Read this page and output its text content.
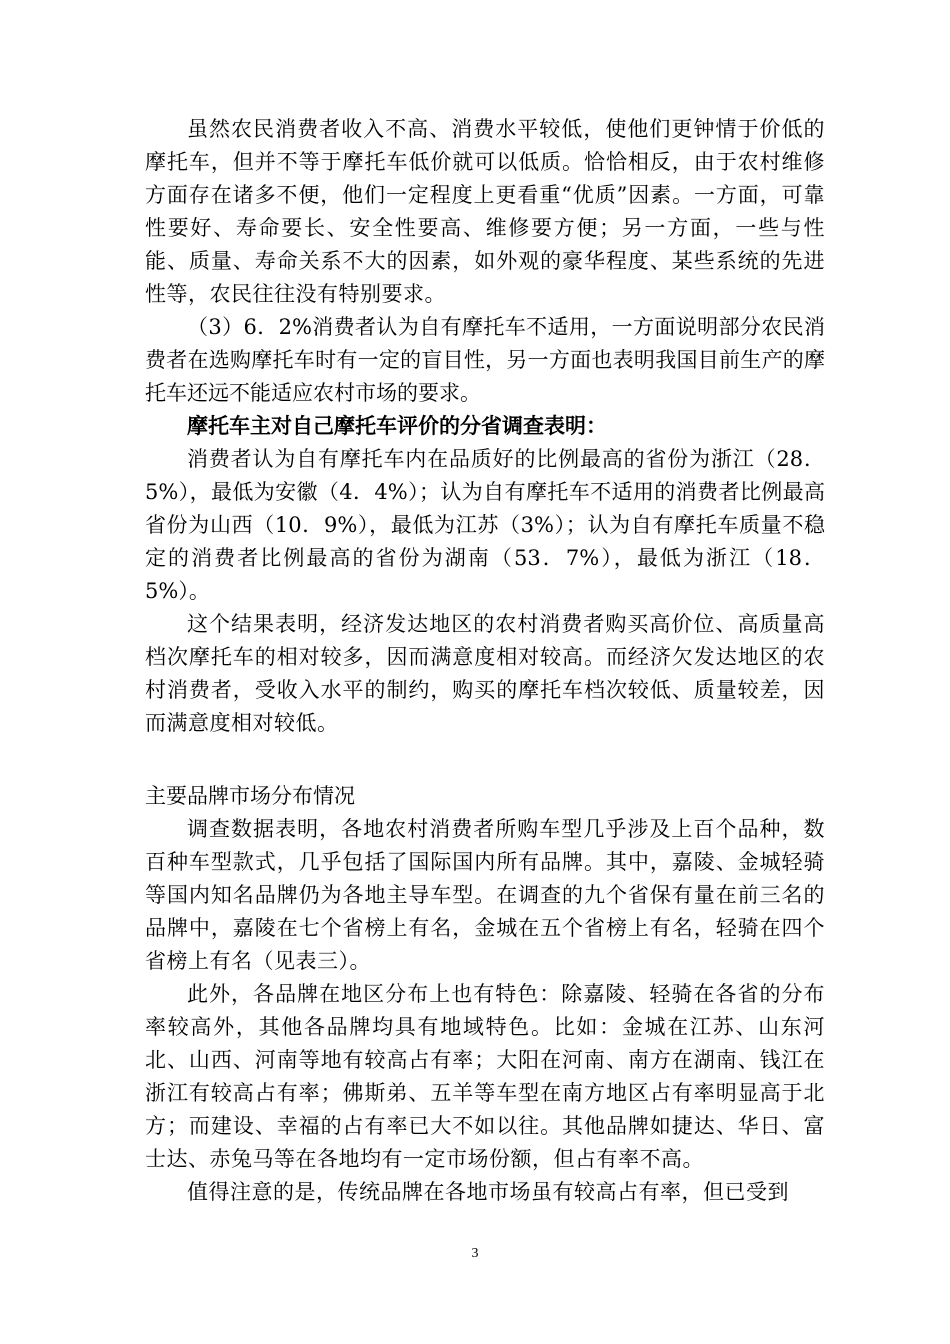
虽然农民消费者收入不高、消费水平较低，使他们更钟情于价低的摩托车，但并不等于摩托车低价就可以低质。恰恰相反，由于农村维修方面存在诸多不便，他们一定程度上更看重“优质”因素。一方面，可靠性要好、寿命要长、安全性要高、维修要方便；另一方面，一些与性能、质量、寿命关系不大的因素，如外观的豪华程度、某些系统的先进性等，农民往往没有特别要求。

（3）6．2%消费者认为自有摩托车不适用，一方面说明部分农民消费者在选购摩托车时有一定的盲目性，另一方面也表明我国目前生产的摩托车还远不能适应农村市场的要求。

摩托车主对自己摩托车评价的分省调查表明：

消费者认为自有摩托车内在品质好的比例最高的省份为浙江（28．5%），最低为安徽（4．4%）；认为自有摩托车不适用的消费者比例最高省份为山西（10．9%），最低为江苏（3%）；认为自有摩托车质量不稳定的消费者比例最高的省份为湖南（53．7%），最低为浙江（18．5%）。

这个结果表明，经济发达地区的农村消费者购买高价位、高质量高档次摩托车的相对较多，因而满意度相对较高。而经济欠发达地区的农村消费者，受收入水平的制约，购买的摩托车档次较低、质量较差，因而满意度相对较低。

主要品牌市场分布情况

调查数据表明，各地农村消费者所购车型几乎涉及上百个品种，数百种车型款式，几乎包括了国际国内所有品牌。其中，嘉陵、金城轻骑等国内知名品牌仍为各地主导车型。在调查的九个省保有量在前三名的品牌中，嘉陵在七个省榜上有名，金城在五个省榜上有名，轻骑在四个省榜上有名（见表三）。

此外，各品牌在地区分布上也有特色：除嘉陵、轻骑在各省的分布率较高外，其他各品牌均具有地域特色。比如：金城在江苏、山东河北、山西、河南等地有较高占有率；大阳在河南、南方在湖南、钱江在浙江有较高占有率；佛斯弟、五羊等车型在南方地区占有率明显高于北方；而建设、幸福的占有率已大不如以往。其他品牌如捷达、华日、富士达、赤兔马等在各地均有一定市场份额，但占有率不高。

值得注意的是，传统品牌在各地市场虽有较高占有率，但已受到

3
